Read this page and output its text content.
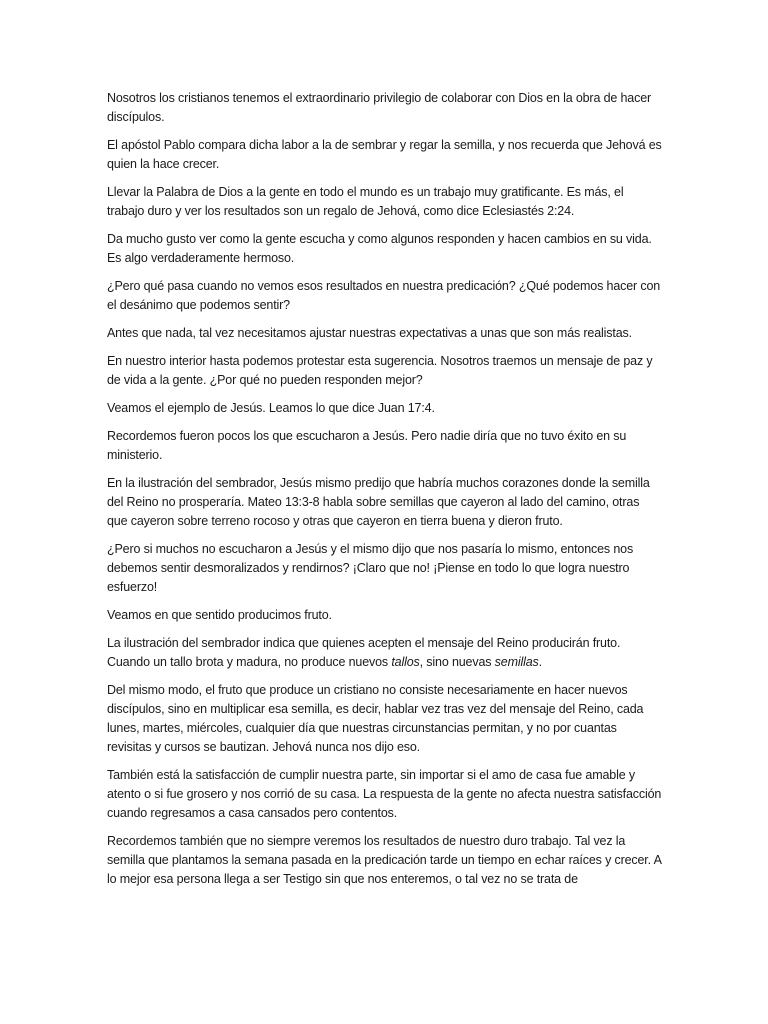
Nosotros los cristianos tenemos el extraordinario privilegio de colaborar con Dios en la obra de hacer discípulos.

El apóstol Pablo compara dicha labor a la de sembrar y regar la semilla, y nos recuerda que Jehová es quien la hace crecer.

Llevar la Palabra de Dios a la gente en todo el mundo es un trabajo muy gratificante. Es más, el trabajo duro y ver los resultados son un regalo de Jehová, como dice Eclesiastés 2:24.

Da mucho gusto ver como la gente escucha y como algunos responden y hacen cambios en su vida. Es algo verdaderamente hermoso.

¿Pero qué pasa cuando no vemos esos resultados en nuestra predicación? ¿Qué podemos hacer con el desánimo que podemos sentir?

Antes que nada, tal vez necesitamos ajustar nuestras expectativas a unas que son más realistas.

En nuestro interior hasta podemos protestar esta sugerencia. Nosotros traemos un mensaje de paz y de vida a la gente. ¿Por qué no pueden responden mejor?

Veamos el ejemplo de Jesús. Leamos lo que dice Juan 17:4.

Recordemos fueron pocos los que escucharon a Jesús. Pero nadie diría que no tuvo éxito en su ministerio.

En la ilustración del sembrador, Jesús mismo predijo que habría muchos corazones donde la semilla del Reino no prosperaría. Mateo 13:3-8 habla sobre semillas que cayeron al lado del camino, otras que cayeron sobre terreno rocoso y otras que cayeron en tierra buena y dieron fruto.

¿Pero si muchos no escucharon a Jesús y el mismo dijo que nos pasaría lo mismo, entonces nos debemos sentir desmoralizados y rendirnos? ¡Claro que no! ¡Piense en todo lo que logra nuestro esfuerzo!

Veamos en que sentido producimos fruto.

La ilustración del sembrador indica que quienes acepten el mensaje del Reino producirán fruto. Cuando un tallo brota y madura, no produce nuevos tallos, sino nuevas semillas.

Del mismo modo, el fruto que produce un cristiano no consiste necesariamente en hacer nuevos discípulos, sino en multiplicar esa semilla, es decir, hablar vez tras vez del mensaje del Reino, cada lunes, martes, miércoles, cualquier día que nuestras circunstancias permitan, y no por cuantas revisitas y cursos se bautizan. Jehová nunca nos dijo eso.

También está la satisfacción de cumplir nuestra parte, sin importar si el amo de casa fue amable y atento o si fue grosero y nos corrió de su casa. La respuesta de la gente no afecta nuestra satisfacción cuando regresamos a casa cansados pero contentos.

Recordemos también que no siempre veremos los resultados de nuestro duro trabajo. Tal vez la semilla que plantamos la semana pasada en la predicación tarde un tiempo en echar raíces y crecer. A lo mejor esa persona llega a ser Testigo sin que nos enteremos, o tal vez no se trata de
